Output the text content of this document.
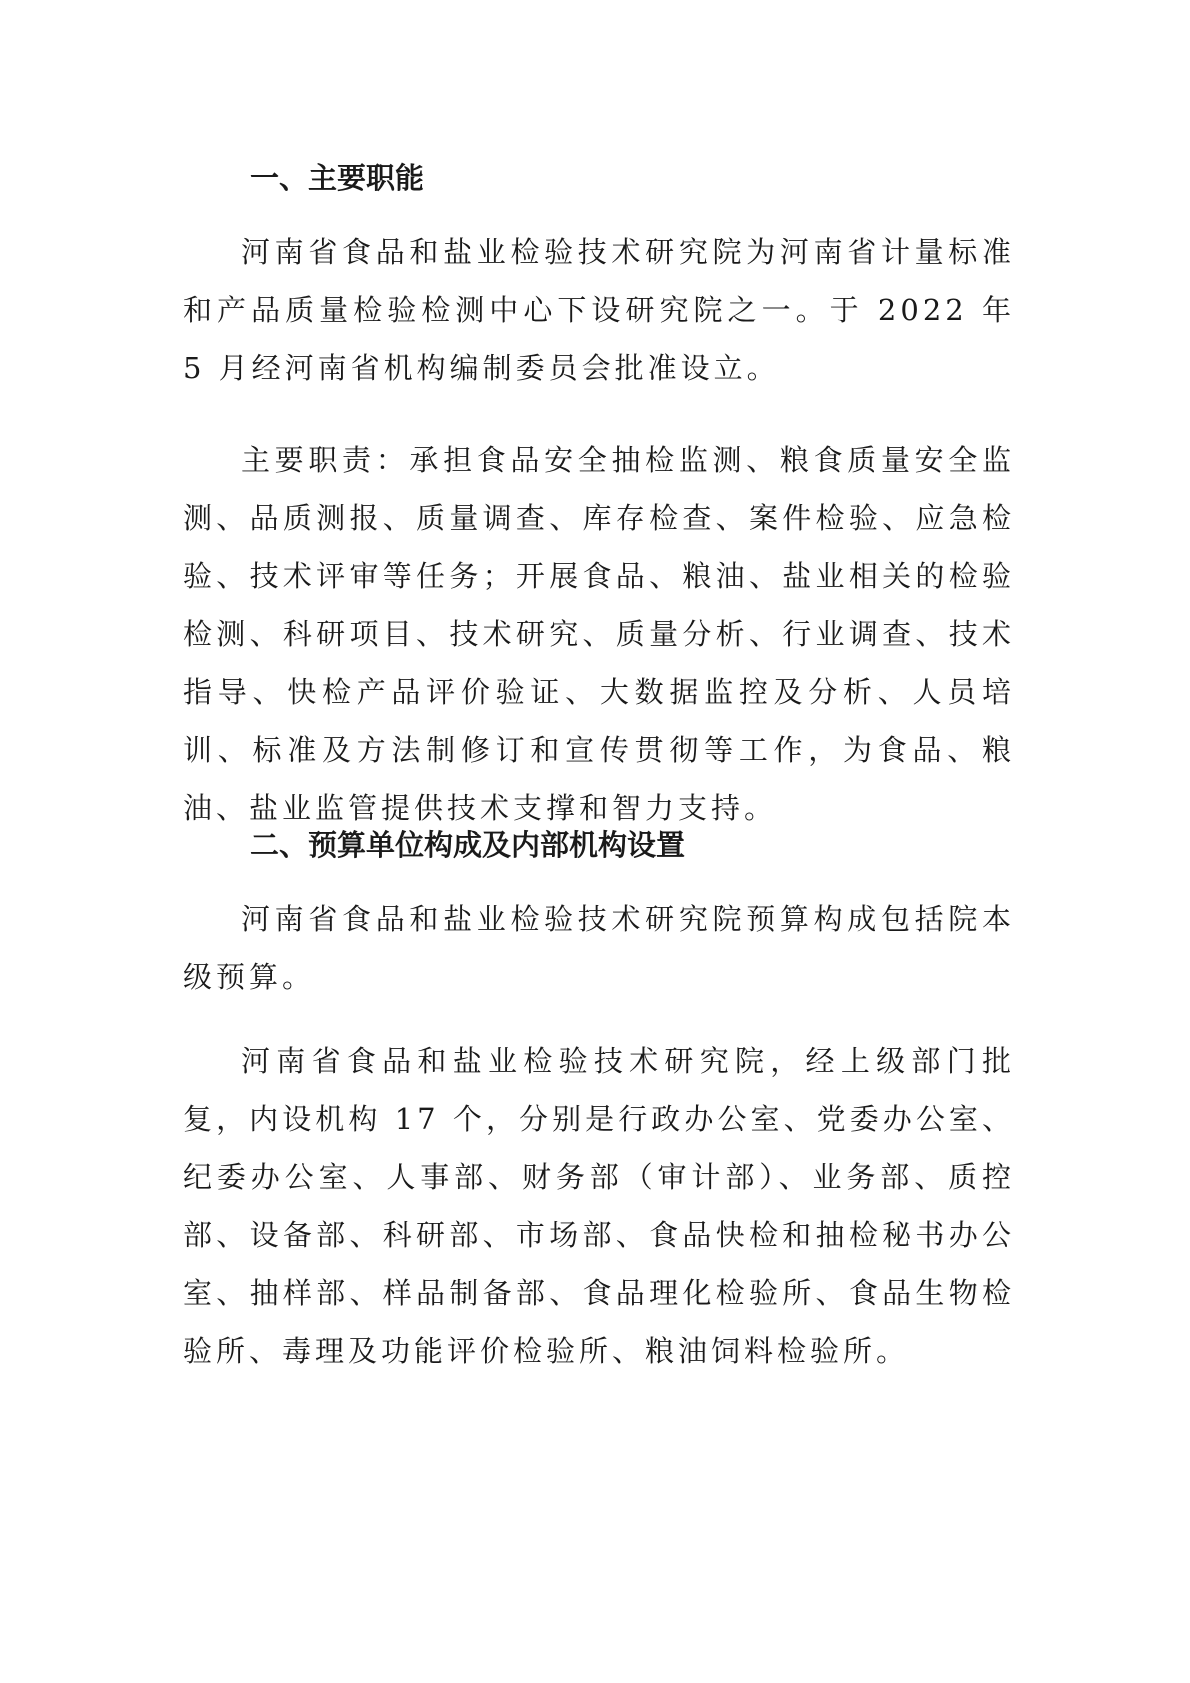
一、主要职能

河南省食品和盐业检验技术研究院为河南省计量标准和产品质量检验检测中心下设研究院之一。于 2022 年 5 月经河南省机构编制委员会批准设立。

主要职责：承担食品安全抽检监测、粮食质量安全监测、品质测报、质量调查、库存检查、案件检验、应急检验、技术评审等任务；开展食品、粮油、盐业相关的检验检测、科研项目、技术研究、质量分析、行业调查、技术指导、快检产品评价验证、大数据监控及分析、人员培训、标准及方法制修订和宣传贯彻等工作，为食品、粮油、盐业监管提供技术支撑和智力支持。

二、预算单位构成及内部机构设置

河南省食品和盐业检验技术研究院预算构成包括院本级预算。

河南省食品和盐业检验技术研究院，经上级部门批复，内设机构 17 个，分别是行政办公室、党委办公室、纪委办公室、人事部、财务部（审计部）、业务部、质控部、设备部、科研部、市场部、食品快检和抽检秘书办公室、抽样部、样品制备部、食品理化检验所、食品生物检验所、毒理及功能评价检验所、粮油饲料检验所。
